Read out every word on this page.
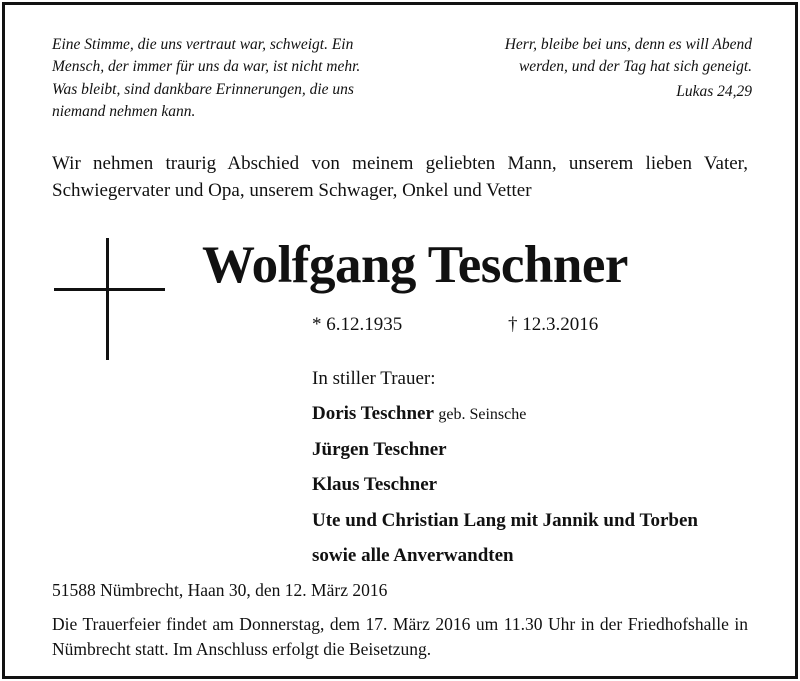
Eine Stimme, die uns vertraut war, schweigt. Ein
Mensch, der immer für uns da war, ist nicht mehr.
Was bleibt, sind dankbare Erinnerungen, die uns
niemand nehmen kann.
Herr, bleibe bei uns, denn es will Abend
werden, und der Tag hat sich geneigt.
Lukas 24,29

Wir nehmen traurig Abschied von meinem geliebten Mann, unserem lieben Vater, Schwiegervater und Opa, unserem Schwager, Onkel und Vetter

Wolfgang Teschner
* 6.12.1935	† 12.3.2016
In stiller Trauer:
Doris Teschner geb. Seinsche
Jürgen Teschner
Klaus Teschner
Ute und Christian Lang mit Jannik und Torben
sowie alle Anverwandten
51588 Nümbrecht, Haan 30, den 12. März 2016

Die Trauerfeier findet am Donnerstag, dem 17. März 2016 um 11.30 Uhr in der Friedhofshalle in Nümbrecht statt. Im Anschluss erfolgt die Beisetzung.
